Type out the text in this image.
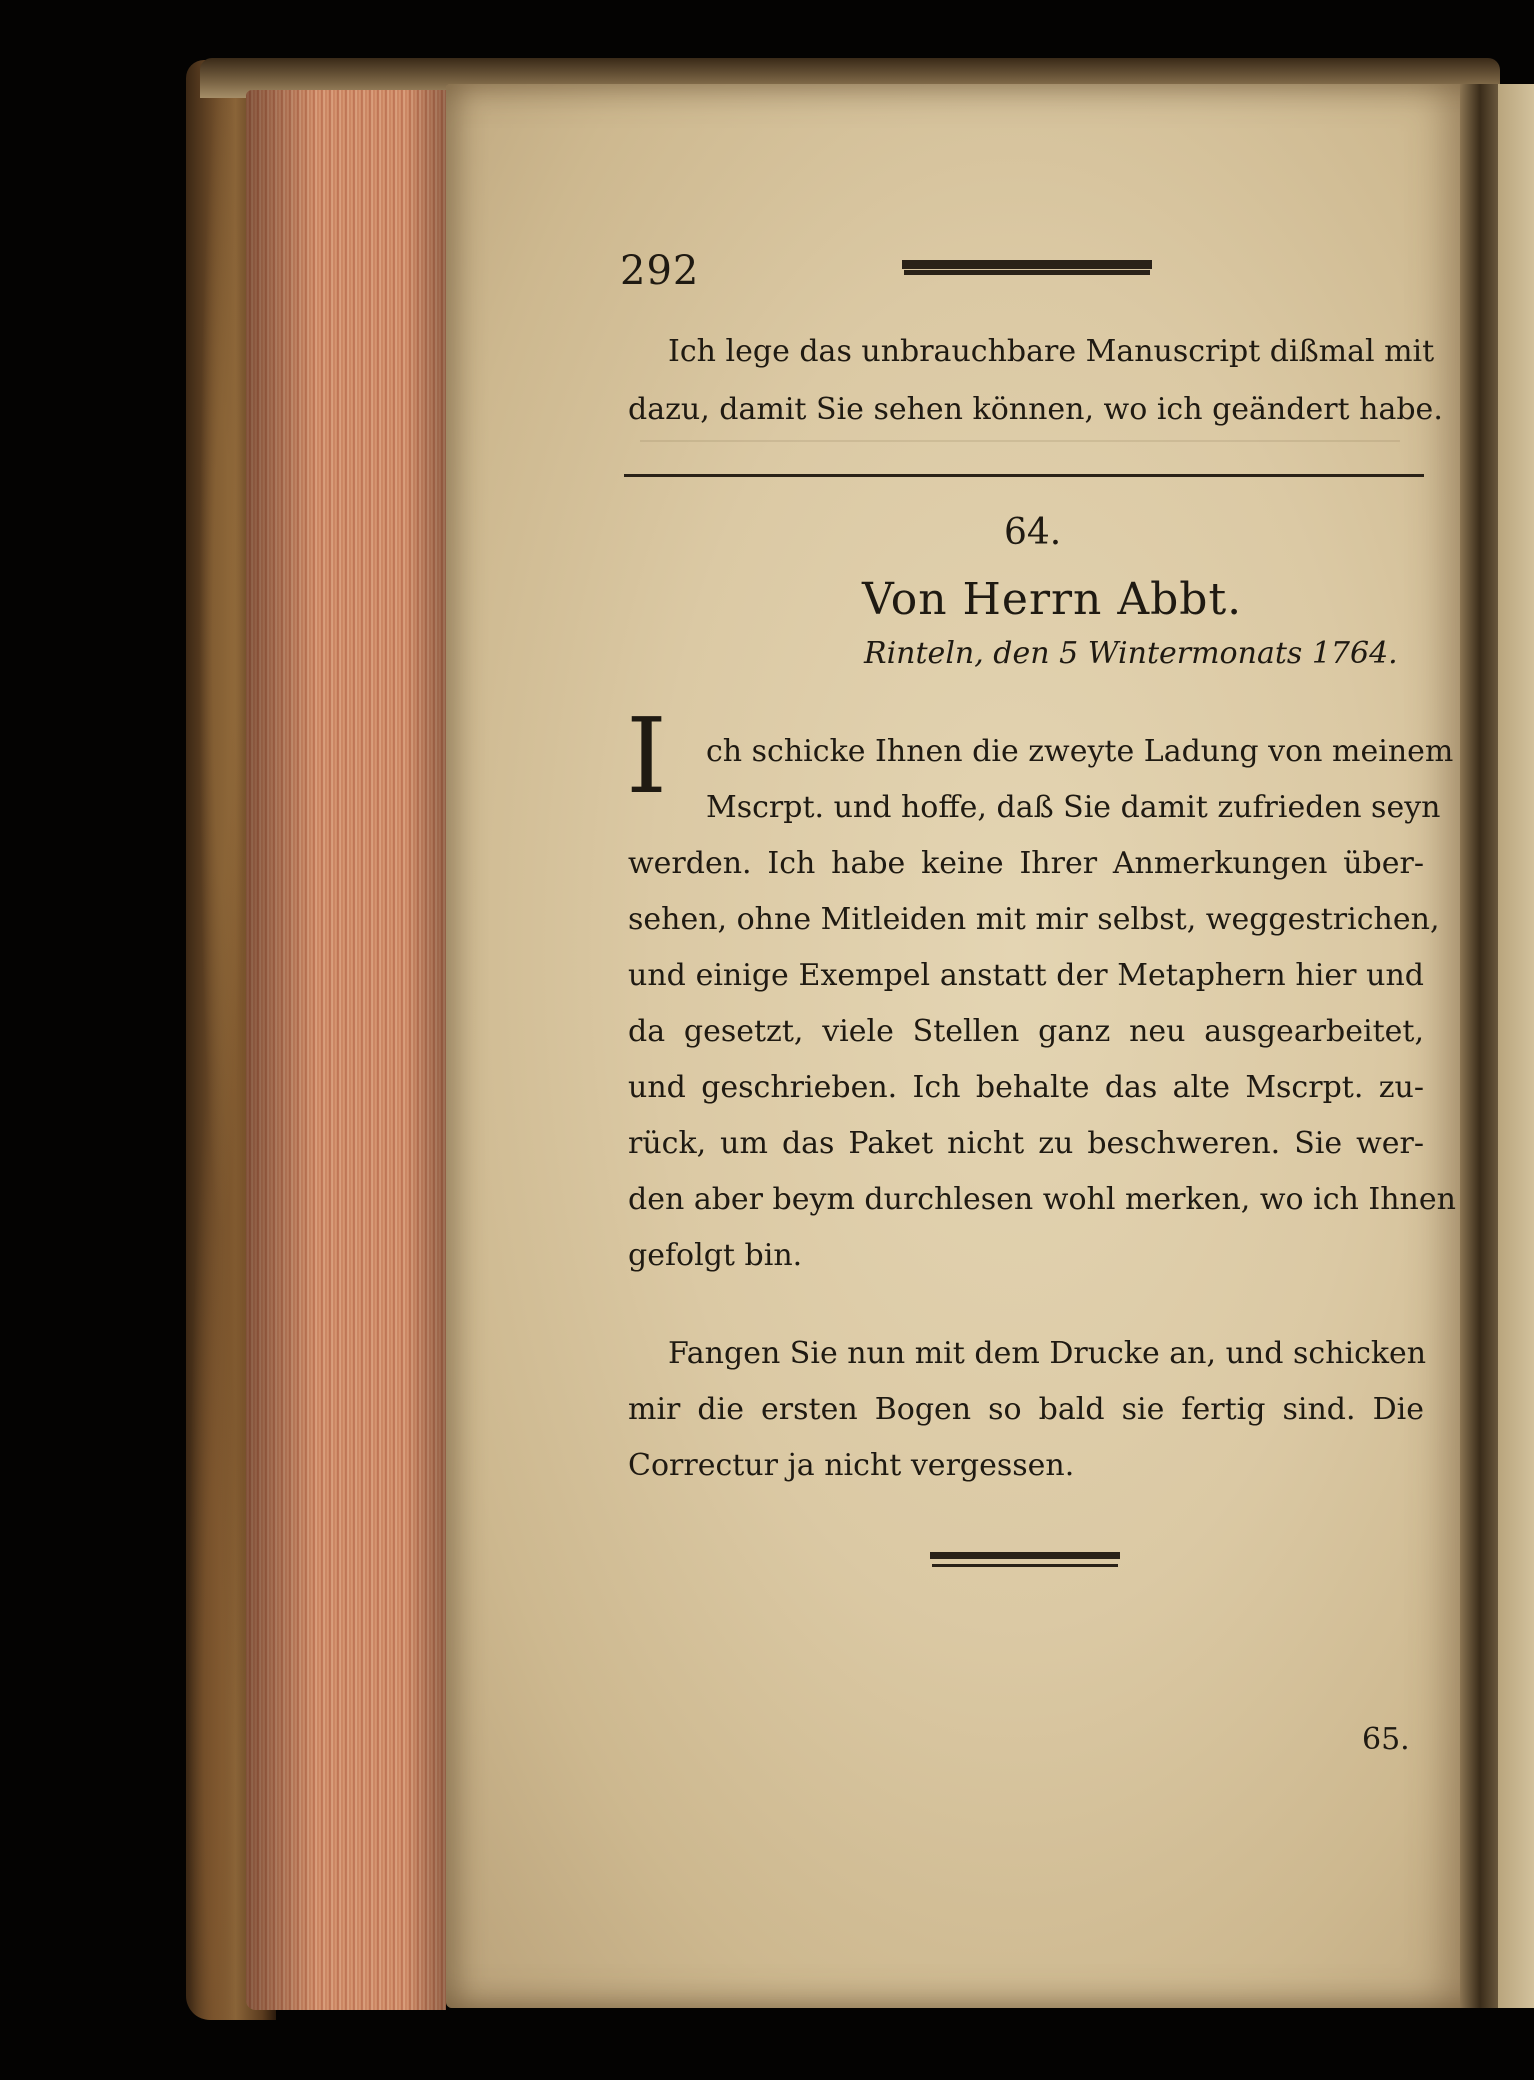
292
Ich lege das unbrauchbare Manuscript dißmal mit
dazu, damit Sie sehen können, wo ich geändert habe.
64.
Von Herrn Abbt.
Rinteln, den 5 Wintermonats 1764.
I ch schicke Ihnen die zweyte Ladung von meinem
Mscrpt. und hoffe, daß Sie damit zufrieden seyn
werden. Ich habe keine Ihrer Anmerkungen über-
sehen, ohne Mitleiden mit mir selbst, weggestrichen,
und einige Exempel anstatt der Metaphern hier und
da gesetzt, viele Stellen ganz neu ausgearbeitet,
und geschrieben. Ich behalte das alte Mscrpt. zu-
rück, um das Paket nicht zu beschweren. Sie wer-
den aber beym durchlesen wohl merken, wo ich Ihnen
gefolgt bin.
Fangen Sie nun mit dem Drucke an, und schicken
mir die ersten Bogen so bald sie fertig sind. Die
Correctur ja nicht vergessen.
65.
